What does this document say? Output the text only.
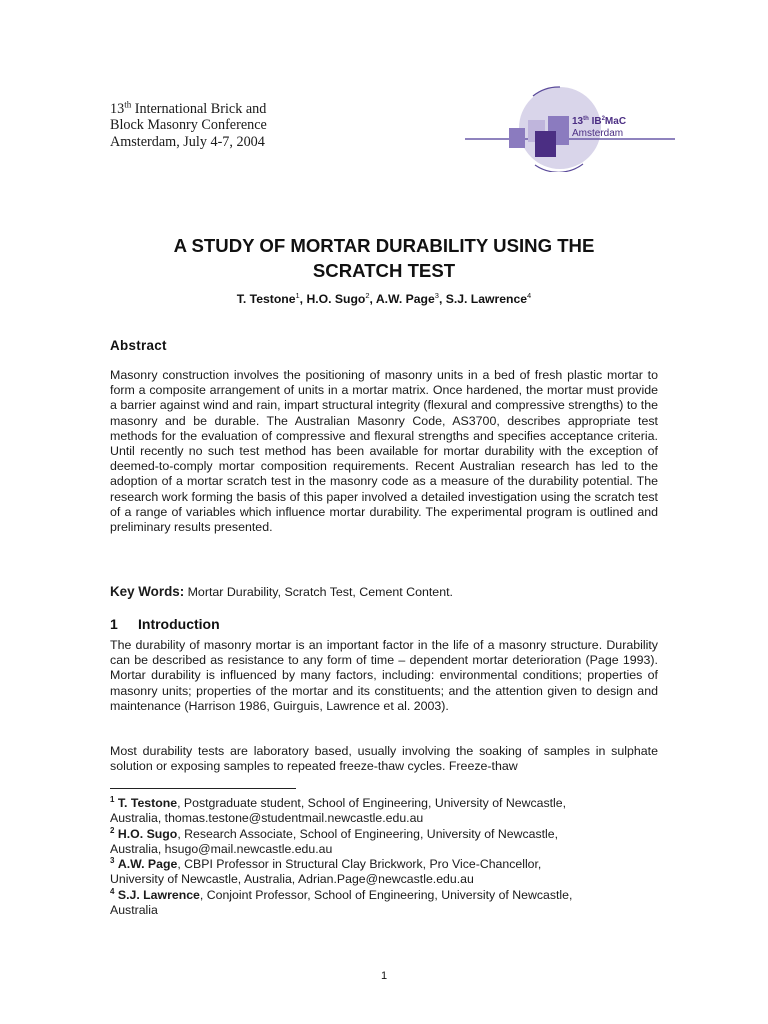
13th International Brick and
Block Masonry Conference
Amsterdam, July 4-7, 2004
13th $IB^2MaC$
Amsterdam
A STUDY OF MORTAR DURABILITY USING THE
SCRATCH TEST
T. Testone$^1$, H.O. Sugo$^2$, A.W. Page$^3$, S.J. Lawrence$^4$
Abstract
Masonry construction involves the positioning of masonry units in a bed of fresh plastic mortar to form a composite arrangement of units in a mortar matrix. Once hardened, the mortar must provide a barrier against wind and rain, impart structural integrity (flexural and compressive strengths) to the masonry and be durable. The Australian Masonry Code, AS3700, describes appropriate test methods for the evaluation of compressive and flexural strengths and specifies acceptance criteria. Until recently no such test method has been available for mortar durability with the exception of deemed-to-comply mortar composition requirements. Recent Australian research has led to the adoption of a mortar scratch test in the masonry code as a measure of the durability potential. The research work forming the basis of this paper involved a detailed investigation using the scratch test of a range of variables which influence mortar durability. The experimental program is outlined and preliminary results presented.
Key Words: Mortar Durability, Scratch Test, Cement Content.
1 Introduction
The durability of masonry mortar is an important factor in the life of a masonry structure. Durability can be described as resistance to any form of time – dependent mortar deterioration (Page 1993). Mortar durability is influenced by many factors, including: environmental conditions; properties of masonry units; properties of the mortar and its constituents; and the attention given to design and maintenance (Harrison 1986, Guirguis, Lawrence et al. 2003).
Most durability tests are laboratory based, usually involving the soaking of samples in sulphate solution or exposing samples to repeated freeze-thaw cycles. Freeze-thaw
$^1$ T. Testone, Postgraduate student, School of Engineering, University of Newcastle,
Australia, thomas.testone@studentmail.newcastle.edu.au
$^2$ H.O. Sugo, Research Associate, School of Engineering, University of Newcastle,
Australia, hsugo@mail.newcastle.edu.au
$^3$ A.W. Page, CBPI Professor in Structural Clay Brickwork, Pro Vice-Chancellor,
University of Newcastle, Australia, Adrian.Page@newcastle.edu.au
$^4$ S.J. Lawrence, Conjoint Professor, School of Engineering, University of Newcastle,
Australia
1
